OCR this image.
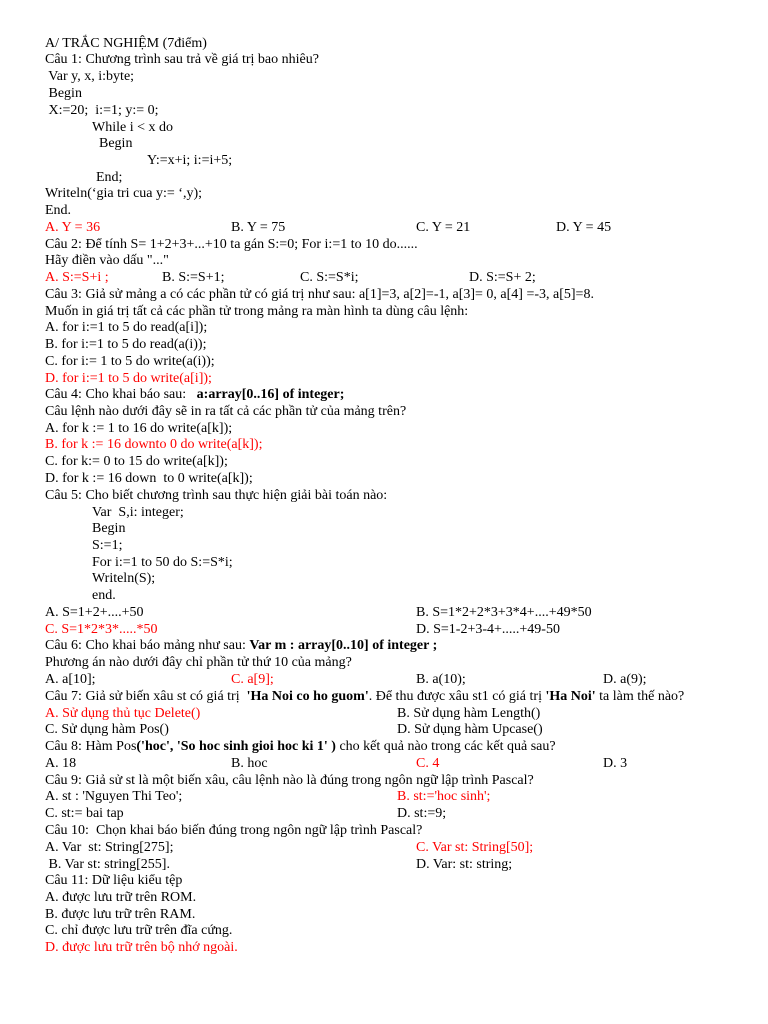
A/ TRẮC NGHIỆM (7điểm)
Câu 1: Chương trình sau trả về giá trị bao nhiêu?
Var y, x, i:byte;
Begin
X:=20;  i:=1; y:= 0;
While i < x do
Begin
Y:=x+i; i:=i+5;
End;
Writeln(‘gia tri cua y:= ‘,y);
End.
A. Y = 36	B. Y = 75	C. Y = 21	D. Y = 45
Câu 2: Để tính S= 1+2+3+...+10 ta gán S:=0; For i:=1 to 10 do......
Hãy điền vào dấu "..."
A. S:=S+i ;	B. S:=S+1;	C. S:=S*i;	D. S:=S+ 2;
Câu 3: Giả sử mảng a có các phần tử có giá trị như sau: a[1]=3, a[2]=-1, a[3]= 0, a[4] =-3, a[5]=8.
Muốn in giá trị tất cả các phần tử trong mảng ra màn hình ta dùng câu lệnh:
A. for i:=1 to 5 do read(a[i]);
B. for i:=1 to 5 do read(a(i));
C. for i:= 1 to 5 do write(a(i));
D. for i:=1 to 5 do write(a[i]);
Câu 4: Cho khai báo sau:   a:array[0..16] of integer;
Câu lệnh nào dưới đây sẽ in ra tất cả các phần tử của mảng trên?
A. for k := 1 to 16 do write(a[k]);
B. for k := 16 downto 0 do write(a[k]);
C. for k:= 0 to 15 do write(a[k]);
D. for k := 16 down  to 0 write(a[k]);
Câu 5: Cho biết chương trình sau thực hiện giải bài toán nào:
Var  S,i: integer;
Begin
S:=1;
For i:=1 to 50 do S:=S*i;
Writeln(S);
end.
A. S=1+2+....+50	B. S=1*2+2*3+3*4+....+49*50
C. S=1*2*3*.....*50	D. S=1-2+3-4+.....+49-50
Câu 6: Cho khai báo mảng như sau: Var m : array[0..10] of integer ;
Phương án nào dưới đây chỉ phần tử thứ 10 của mảng?
A. a[10];	C. a[9];	B. a(10);	D. a(9);
Câu 7: Giả sử biến xâu st có giá trị  'Ha Noi co ho guom'. Để thu được xâu st1 có giá trị 'Ha Noi' ta làm thế nào?
A. Sử dụng thủ tục Delete()	B. Sử dụng hàm Length()
C. Sử dụng hàm Pos()	D. Sử dụng hàm Upcase()
Câu 8: Hàm Pos('hoc', 'So hoc sinh gioi hoc ki 1' ) cho kết quả nào trong các kết quả sau?
A. 18	B. hoc	C. 4	D. 3
Câu 9: Giả sử st là một biến xâu, câu lệnh nào là đúng trong ngôn ngữ lập trình Pascal?
A. st : 'Nguyen Thi Teo';	B. st:='hoc sinh';
C. st:= bai tap	D. st:=9;
Câu 10:  Chọn khai báo biến đúng trong ngôn ngữ lập trình Pascal?
A. Var  st: String[275];	C. Var st: String[50];
B. Var st: string[255].	D. Var: st: string;
Câu 11: Dữ liệu kiểu tệp
A. được lưu trữ trên ROM.
B. được lưu trữ trên RAM.
C. chỉ được lưu trữ trên đĩa cứng.
D. được lưu trữ trên bộ nhớ ngoài.
